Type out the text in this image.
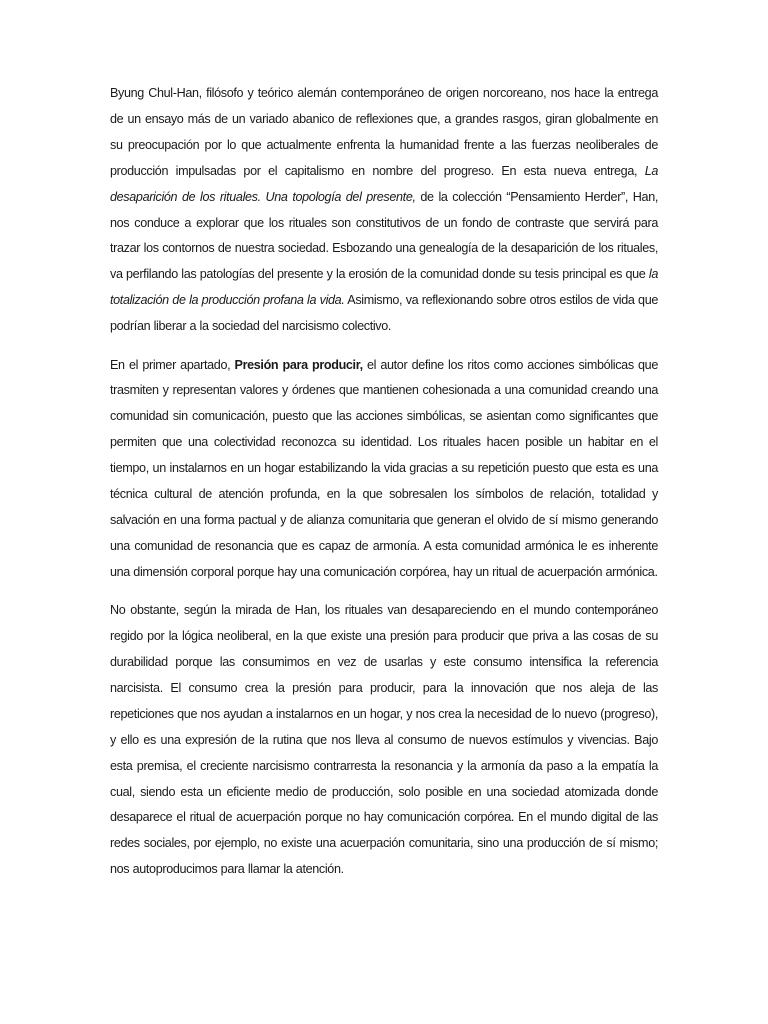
Byung Chul-Han, filósofo y teórico alemán contemporáneo de origen norcoreano, nos hace la entrega de un ensayo más de un variado abanico de reflexiones que, a grandes rasgos, giran globalmente en su preocupación por lo que actualmente enfrenta la humanidad frente a las fuerzas neoliberales de producción impulsadas por el capitalismo en nombre del progreso. En esta nueva entrega, La desaparición de los rituales. Una topología del presente, de la colección “Pensamiento Herder”, Han, nos conduce a explorar que los rituales son constitutivos de un fondo de contraste que servirá para trazar los contornos de nuestra sociedad. Esbozando una genealogía de la desaparición de los rituales, va perfilando las patologías del presente y la erosión de la comunidad donde su tesis principal es que la totalización de la producción profana la vida. Asimismo, va reflexionando sobre otros estilos de vida que podrían liberar a la sociedad del narcisismo colectivo.

En el primer apartado, Presión para producir, el autor define los ritos como acciones simbólicas que trasmiten y representan valores y órdenes que mantienen cohesionada a una comunidad creando una comunidad sin comunicación, puesto que las acciones simbólicas, se asientan como significantes que permiten que una colectividad reconozca su identidad. Los rituales hacen posible un habitar en el tiempo, un instalarnos en un hogar estabilizando la vida gracias a su repetición puesto que esta es una técnica cultural de atención profunda, en la que sobresalen los símbolos de relación, totalidad y salvación en una forma pactual y de alianza comunitaria que generan el olvido de sí mismo generando una comunidad de resonancia que es capaz de armonía. A esta comunidad armónica le es inherente una dimensión corporal porque hay una comunicación corpórea, hay un ritual de acuerpación armónica.

No obstante, según la mirada de Han, los rituales van desapareciendo en el mundo contemporáneo regido por la lógica neoliberal, en la que existe una presión para producir que priva a las cosas de su durabilidad porque las consumimos en vez de usarlas y este consumo intensifica la referencia narcisista. El consumo crea la presión para producir, para la innovación que nos aleja de las repeticiones que nos ayudan a instalarnos en un hogar, y nos crea la necesidad de lo nuevo (progreso), y ello es una expresión de la rutina que nos lleva al consumo de nuevos estímulos y vivencias. Bajo esta premisa, el creciente narcisismo contrarresta la resonancia y la armonía da paso a la empatía la cual, siendo esta un eficiente medio de producción, solo posible en una sociedad atomizada donde desaparece el ritual de acuerpación porque no hay comunicación corpórea. En el mundo digital de las redes sociales, por ejemplo, no existe una acuerpación comunitaria, sino una producción de sí mismo; nos autoproducimos para llamar la atención.
